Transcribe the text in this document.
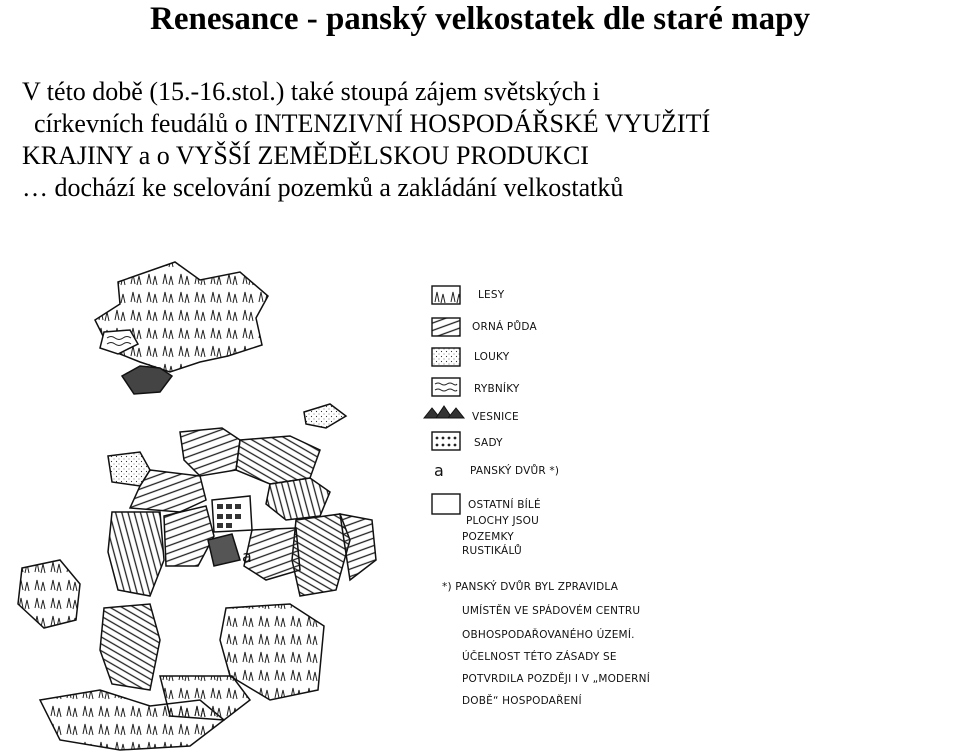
Renesance - panský velkostatek dle staré mapy
V této době (15.-16.stol.) také stoupá zájem světských i
církevních feudálů o INTENZIVNÍ HOSPODÁŘSKÉ VYUŽITÍ
KRAJINY a o VYŠŠÍ ZEMĚDĚLSKOU PRODUKCI
… dochází ke scelování pozemků a zakládání velkostatků
a
LESY
ORNÁ PŮDA
LOUKY
RYBNÍKY
VESNICE
SADY
a PANSKÝ DVŮR *)
OSTATNÍ BÍLÉ
PLOCHY JSOU
POZEMKY
RUSTIKÁLŮ
*) PANSKÝ DVŮR BYL ZPRAVIDLA
UMÍSTĚN VE SPÁDOVÉM CENTRU
OBHOSPODAŘOVANÉHO ÚZEMÍ.
ÚČELNOST TÉTO ZÁSADY SE
POTVRDILA POZDĚJI I V „MODERNÍ
DOBĚ“ HOSPODAŘENÍ
